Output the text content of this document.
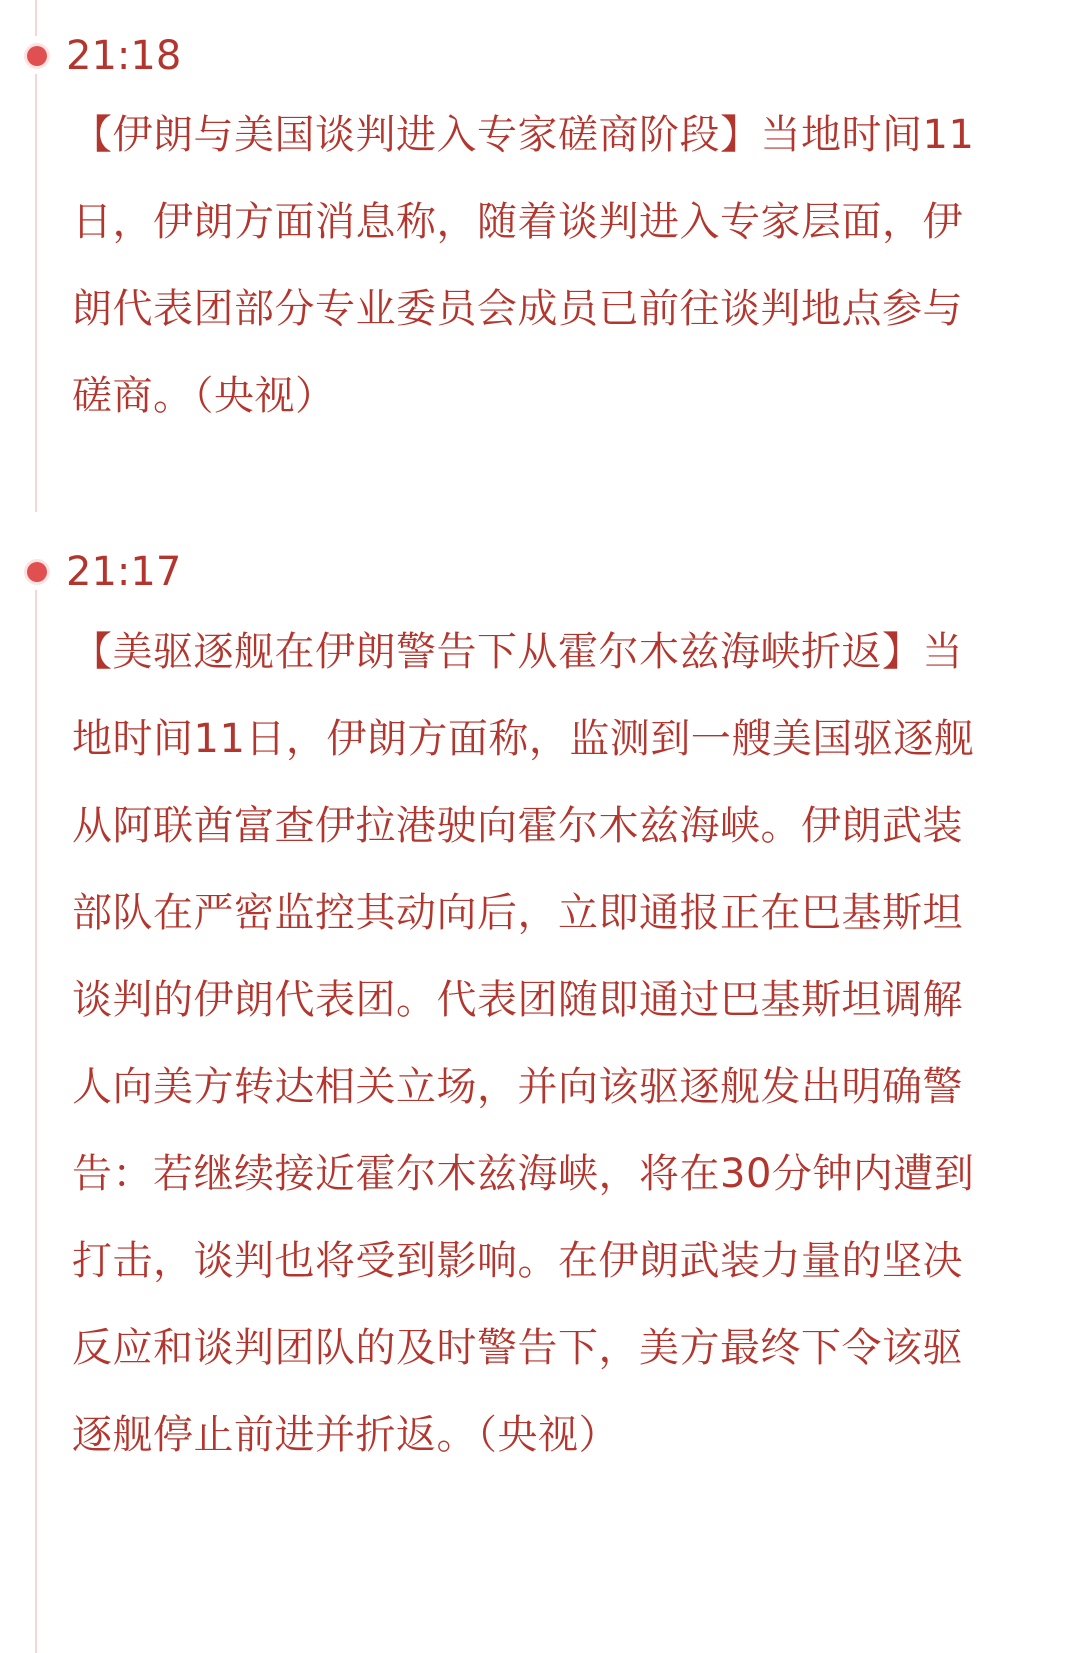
21:18
【伊朗与美国谈判进入专家磋商阶段】当地时间11日，伊朗方面消息称，随着谈判进入专家层面，伊朗代表团部分专业委员会成员已前往谈判地点参与磋商。（央视）
21:17
【美驱逐舰在伊朗警告下从霍尔木兹海峡折返】当地时间11日，伊朗方面称，监测到一艘美国驱逐舰从阿联酋富查伊拉港驶向霍尔木兹海峡。伊朗武装部队在严密监控其动向后，立即通报正在巴基斯坦谈判的伊朗代表团。代表团随即通过巴基斯坦调解人向美方转达相关立场，并向该驱逐舰发出明确警告：若继续接近霍尔木兹海峡，将在30分钟内遭到打击，谈判也将受到影响。在伊朗武装力量的坚决反应和谈判团队的及时警告下，美方最终下令该驱逐舰停止前进并折返。（央视）
